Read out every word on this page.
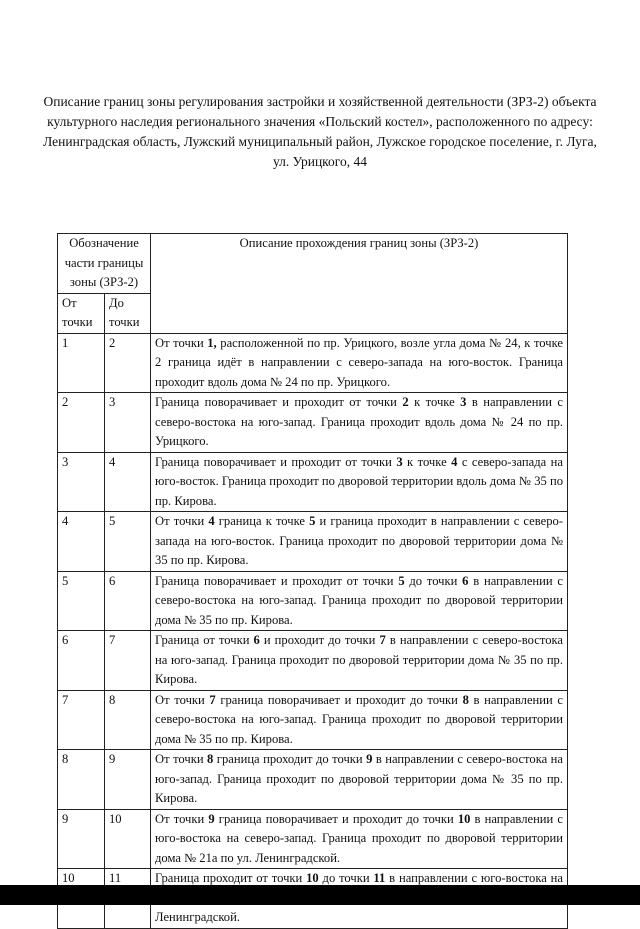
Описание границ зоны регулирования застройки и хозяйственной деятельности (ЗРЗ-2) объекта культурного наследия регионального значения «Польский костел», расположенного по адресу: Ленинградская область, Лужский муниципальный район, Лужское городское поселение, г. Луга, ул. Урицкого, 44
Обозначение части границы зоны (ЗРЗ-2)		Описание прохождения границ зоны (ЗРЗ-2)
От точки	До точки	
1	2	От точки 1, расположенной по пр. Урицкого, возле угла дома № 24, к точке 2 граница идёт в направлении с северо-запада на юго-восток. Граница проходит вдоль дома № 24 по пр. Урицкого.
2	3	Граница поворачивает и проходит от точки 2 к точке 3 в направлении с северо-востока на юго-запад. Граница проходит вдоль дома № 24 по пр. Урицкого.
3	4	Граница поворачивает и проходит от точки 3 к точке 4 с северо-запада на юго-восток. Граница проходит по дворовой территории вдоль дома № 35 по пр. Кирова.
4	5	От точки 4 граница к точке 5 и граница проходит в направлении с северо-запада на юго-восток. Граница проходит по дворовой территории дома № 35 по пр. Кирова.
5	6	Граница поворачивает и проходит от точки 5 до точки 6 в направлении с северо-востока на юго-запад. Граница проходит по дворовой территории дома № 35 по пр. Кирова.
6	7	Граница от точки 6 и проходит до точки 7 в направлении с северо-востока на юго-запад. Граница проходит по дворовой территории дома № 35 по пр. Кирова.
7	8	От точки 7 граница поворачивает и проходит до точки 8 в направлении с северо-востока на юго-запад. Граница проходит по дворовой территории дома № 35 по пр. Кирова.
8	9	От точки 8 граница проходит до точки 9 в направлении с северо-востока на юго-запад. Граница проходит по дворовой территории дома № 35 по пр. Кирова.
9	10	От точки 9 граница поворачивает и проходит до точки 10 в направлении с юго-востока на северо-запад. Граница проходит по дворовой территории дома № 21а по ул. Ленинградской.
10	11	Граница проходит от точки 10 до точки 11 в направлении с юго-востока на Ленинградской.
